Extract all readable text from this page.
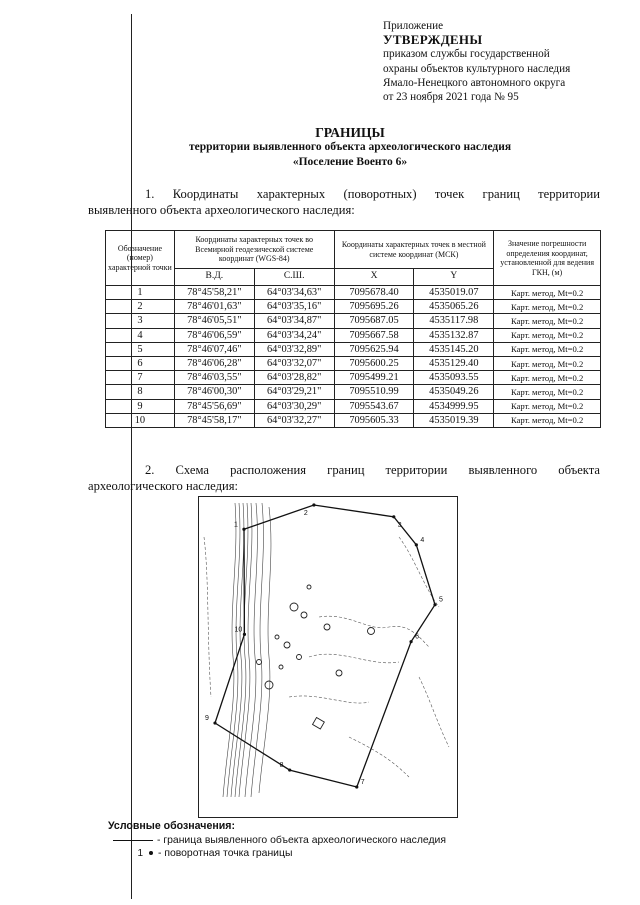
Приложение
УТВЕРЖДЕНЫ
приказом службы государственной
охраны объектов культурного наследия
Ямало-Ненецкого автономного округа
от 23 ноября 2021 года № 95
ГРАНИЦЫ
территории выявленного объекта археологического наследия
«Поселение Военто 6»
1. Координаты характерных (поворотных) точек границ территории
выявленного объекта археологического наследия:
Обозначение (номер) характерной точки	Координаты характерных точек во Всемирной геодезической системе координат (WGS-84)		Координаты характерных точек в местной системе координат (МСК)		Значение погрешности определения координат, установленной для ведения ГКН, (м)
	В.Д.	С.Ш.	X	Y	
1	78°45'58,21"	64°03'34,63"	7095678.40	4535019.07	Карт. метод, Mt=0.2
2	78°46'01,63"	64°03'35,16"	7095695.26	4535065.26	Карт. метод, Mt=0.2
3	78°46'05,51"	64°03'34,87"	7095687.05	4535117.98	Карт. метод, Mt=0.2
4	78°46'06,59"	64°03'34,24"	7095667.58	4535132.87	Карт. метод, Mt=0.2
5	78°46'07,46"	64°03'32,89"	7095625.94	4535145.20	Карт. метод, Mt=0.2
6	78°46'06,28"	64°03'32,07"	7095600.25	4535129.40	Карт. метод, Mt=0.2
7	78°46'03,55"	64°03'28,82"	7095499.21	4535093.55	Карт. метод, Mt=0.2
8	78°46'00,30"	64°03'29,21"	7095510.99	4535049.26	Карт. метод, Mt=0.2
9	78°45'56,69"	64°03'30,29"	7095543.67	4534999.95	Карт. метод, Mt=0.2
10	78°45'58,17"	64°03'32,27"	7095605.33	4535019.39	Карт. метод, Mt=0.2
2. Схема расположения границ территории выявленного объекта
археологического наследия:
1
2
3
4
5
6
7
8
9
10
Условные обозначения:
- граница выявленного объекта археологического наследия
1	- поворотная точка границы
